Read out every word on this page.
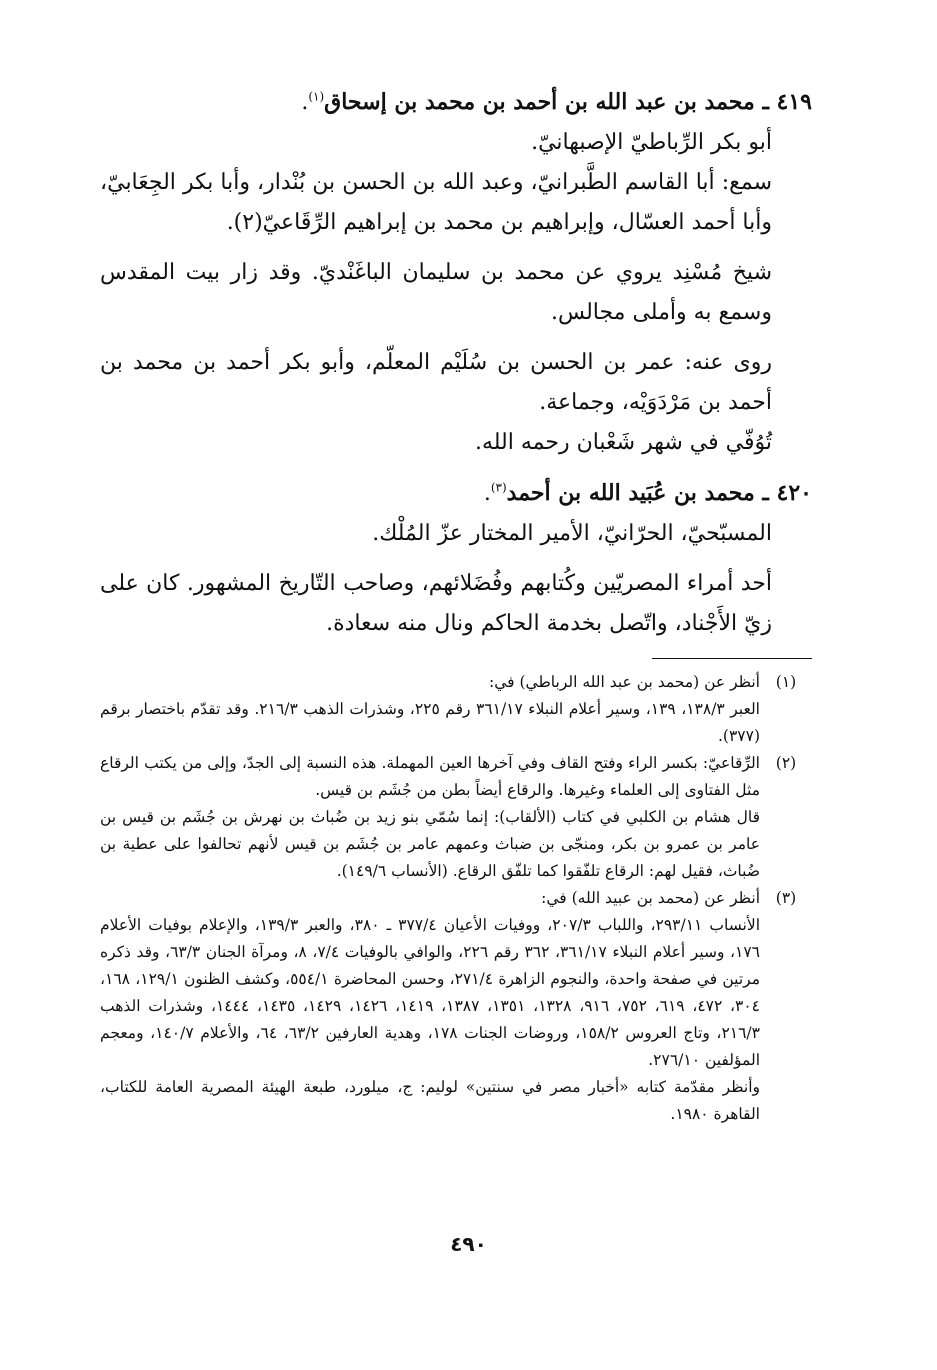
٤١٩ ـ محمد بن عبد الله بن أحمد بن محمد بن إسحاق$^{(١)}$.

أبو بكر الرِّباطيّ الإصبهانيّ.

سمع: أبا القاسم الطَّبرانيّ، وعبد الله بن الحسن بن بُنْدار، وأبا بكر الجِعَابيّ، وأبا أحمد العسّال، وإبراهيم بن محمد بن إبراهيم الرِّقَاعيّ(٢).

شيخ مُسْنِد يروي عن محمد بن سليمان الباغَنْديّ. وقد زار بيت المقدس وسمع به وأملى مجالس.

روى عنه: عمر بن الحسن بن سُلَيْم المعلّم، وأبو بكر أحمد بن محمد بن أحمد بن مَرْدَوَيْه، وجماعة.

تُوُفّي في شهر شَعْبان رحمه الله.

٤٢٠ ـ محمد بن عُبَيد الله بن أحمد$^{(٣)}$.

المسبّحيّ، الحرّانيّ، الأمير المختار عزّ المُلْك.

أحد أمراء المصريّين وكُتابهم وفُضَلائهم، وصاحب التّاريخ المشهور. كان على زيّ الأَجْناد، واتّصل بخدمة الحاكم ونال منه سعادة.

(١)

أنظر عن (محمد بن عبد الله الرباطي) في:

العبر ١٣٨/٣، ١٣٩، وسير أعلام النبلاء ٣٦١/١٧ رقم ٢٢٥، وشذرات الذهب ٢١٦/٣. وقد تقدّم باختصار برقم (٣٧٧).

(٢)

الرِّقاعيّ: بكسر الراء وفتح القاف وفي آخرها العين المهملة. هذه النسبة إلى الجدّ، وإلى من يكتب الرقاع مثل الفتاوى إلى العلماء وغيرها. والرقاع أيضاً بطن من جُشَم بن قيس.

قال هشام بن الكلبي في كتاب (الألقاب): إنما سُمّي بنو زيد بن ضُباث بن نهرش بن جُشَم بن قيس بن عامر بن عمرو بن بكر، ومنجّى بن ضباث وعمهم عامر بن جُشَم بن قيس لأنهم تحالفوا على عطية بن ضُباث، فقيل لهم: الرقاع تلفّقوا كما تلفّق الرقاع. (الأنساب ١٤٩/٦).

(٣)

أنظر عن (محمد بن عبيد الله) في:

الأنساب ٢٩٣/١١، واللباب ٢٠٧/٣، ووفيات الأعيان ٣٧٧/٤ ـ ٣٨٠، والعبر ١٣٩/٣، والإعلام بوفيات الأعلام ١٧٦، وسير أعلام النبلاء ٣٦١/١٧، ٣٦٢ رقم ٢٢٦، والوافي بالوفيات ٧/٤، ٨، ومرآة الجنان ٦٣/٣، وقد ذكره مرتين في صفحة واحدة، والنجوم الزاهرة ٢٧١/٤، وحسن المحاضرة ٥٥٤/١، وكشف الظنون ١٢٩/١، ١٦٨، ٣٠٤، ٤٧٢، ٦١٩، ٧٥٢، ٩١٦، ١٣٢٨، ١٣٥١، ١٣٨٧، ١٤١٩، ١٤٢٦، ١٤٢٩، ١٤٣٥، ١٤٤٤، وشذرات الذهب ٢١٦/٣، وتاج العروس ١٥٨/٢، وروضات الجنات ١٧٨، وهدية العارفين ٦٣/٢، ٦٤، والأعلام ١٤٠/٧، ومعجم المؤلفين ٢٧٦/١٠.

وأنظر مقدّمة كتابه «أخبار مصر في سنتين» لوليم: ج، ميلورد، طبعة الهيئة المصرية العامة للكتاب، القاهرة ١٩٨٠.

٤٩٠
